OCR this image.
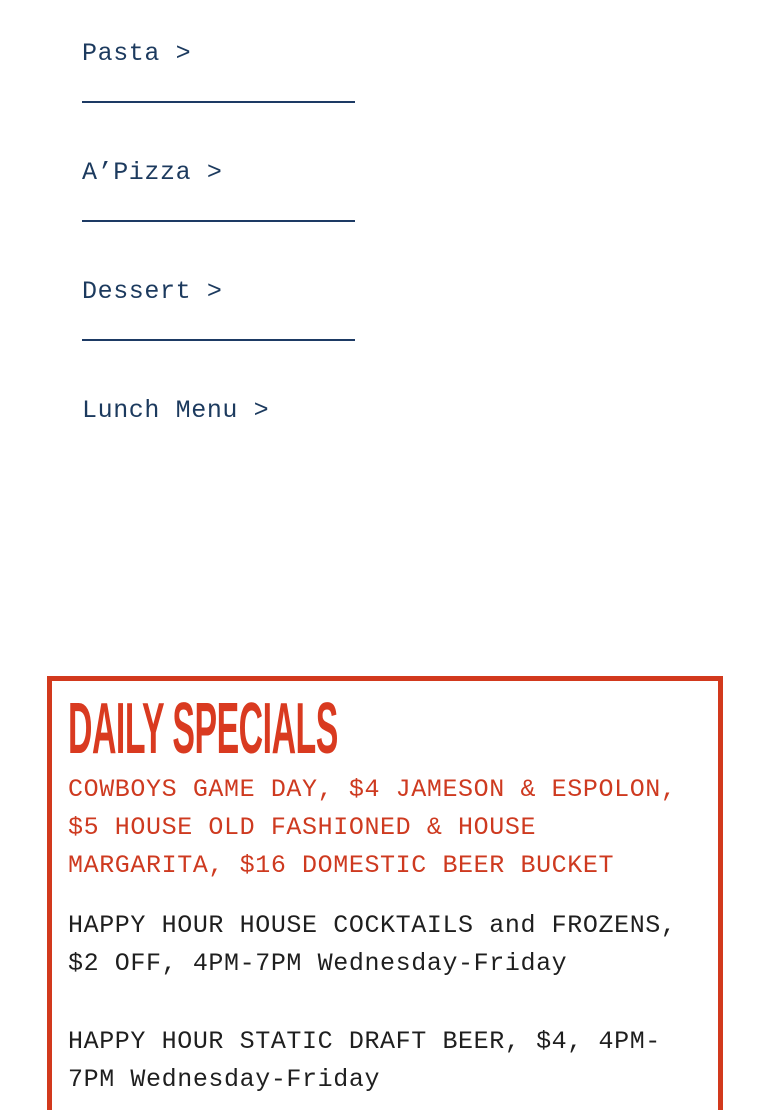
Pasta >
A’Pizza >
Dessert >
Lunch Menu >
DAILY SPECIALS

COWBOYS GAME DAY, $4 JAMESON & ESPOLON, $5 HOUSE OLD FASHIONED & HOUSE MARGARITA, $16 DOMESTIC BEER BUCKET

HAPPY HOUR HOUSE COCKTAILS and FROZENS, $2 OFF, 4PM-7PM Wednesday-Friday

HAPPY HOUR STATIC DRAFT BEER, $4, 4PM-7PM Wednesday-Friday
